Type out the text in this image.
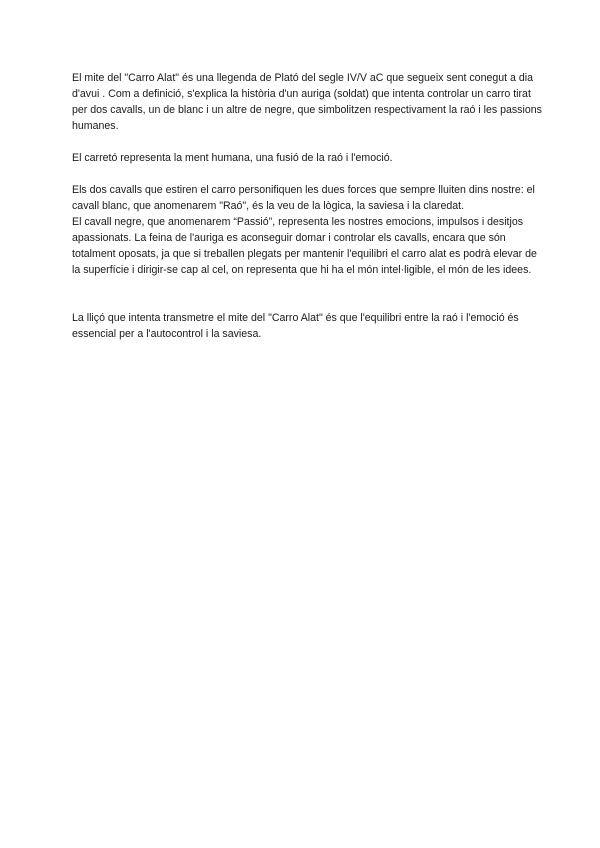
El mite del "Carro Alat" és una llegenda de Plató del segle IV/V aC que segueix sent conegut a dia d'avui . Com a definició, s'explica la història d'un auriga (soldat) que intenta controlar un carro tirat per dos cavalls, un de blanc i un altre de negre, que simbolitzen respectivament la raó i les passions humanes.

El carretó representa la ment humana, una fusió de la raó i l'emoció.

Els dos cavalls que estiren el carro personifiquen les dues forces que sempre lluiten dins nostre: el cavall blanc, que anomenarem "Raó", és la veu de la lògica, la saviesa i la claredat.

El cavall negre, que anomenarem “Passió”, representa les nostres emocions, impulsos i desitjos apassionats. La feina de l'auriga es aconseguir domar i controlar els cavalls, encara que són totalment oposats, ja que si treballen plegats per mantenir l'equilibri el carro alat es podrà elevar de la superfície i dirigir-se cap al cel, on representa que hi ha el món intel·ligible, el món de les idees.

La lliçó que intenta transmetre el mite del "Carro Alat" és que l'equilibri entre la raó i l'emoció és essencial per a l'autocontrol i la saviesa.
